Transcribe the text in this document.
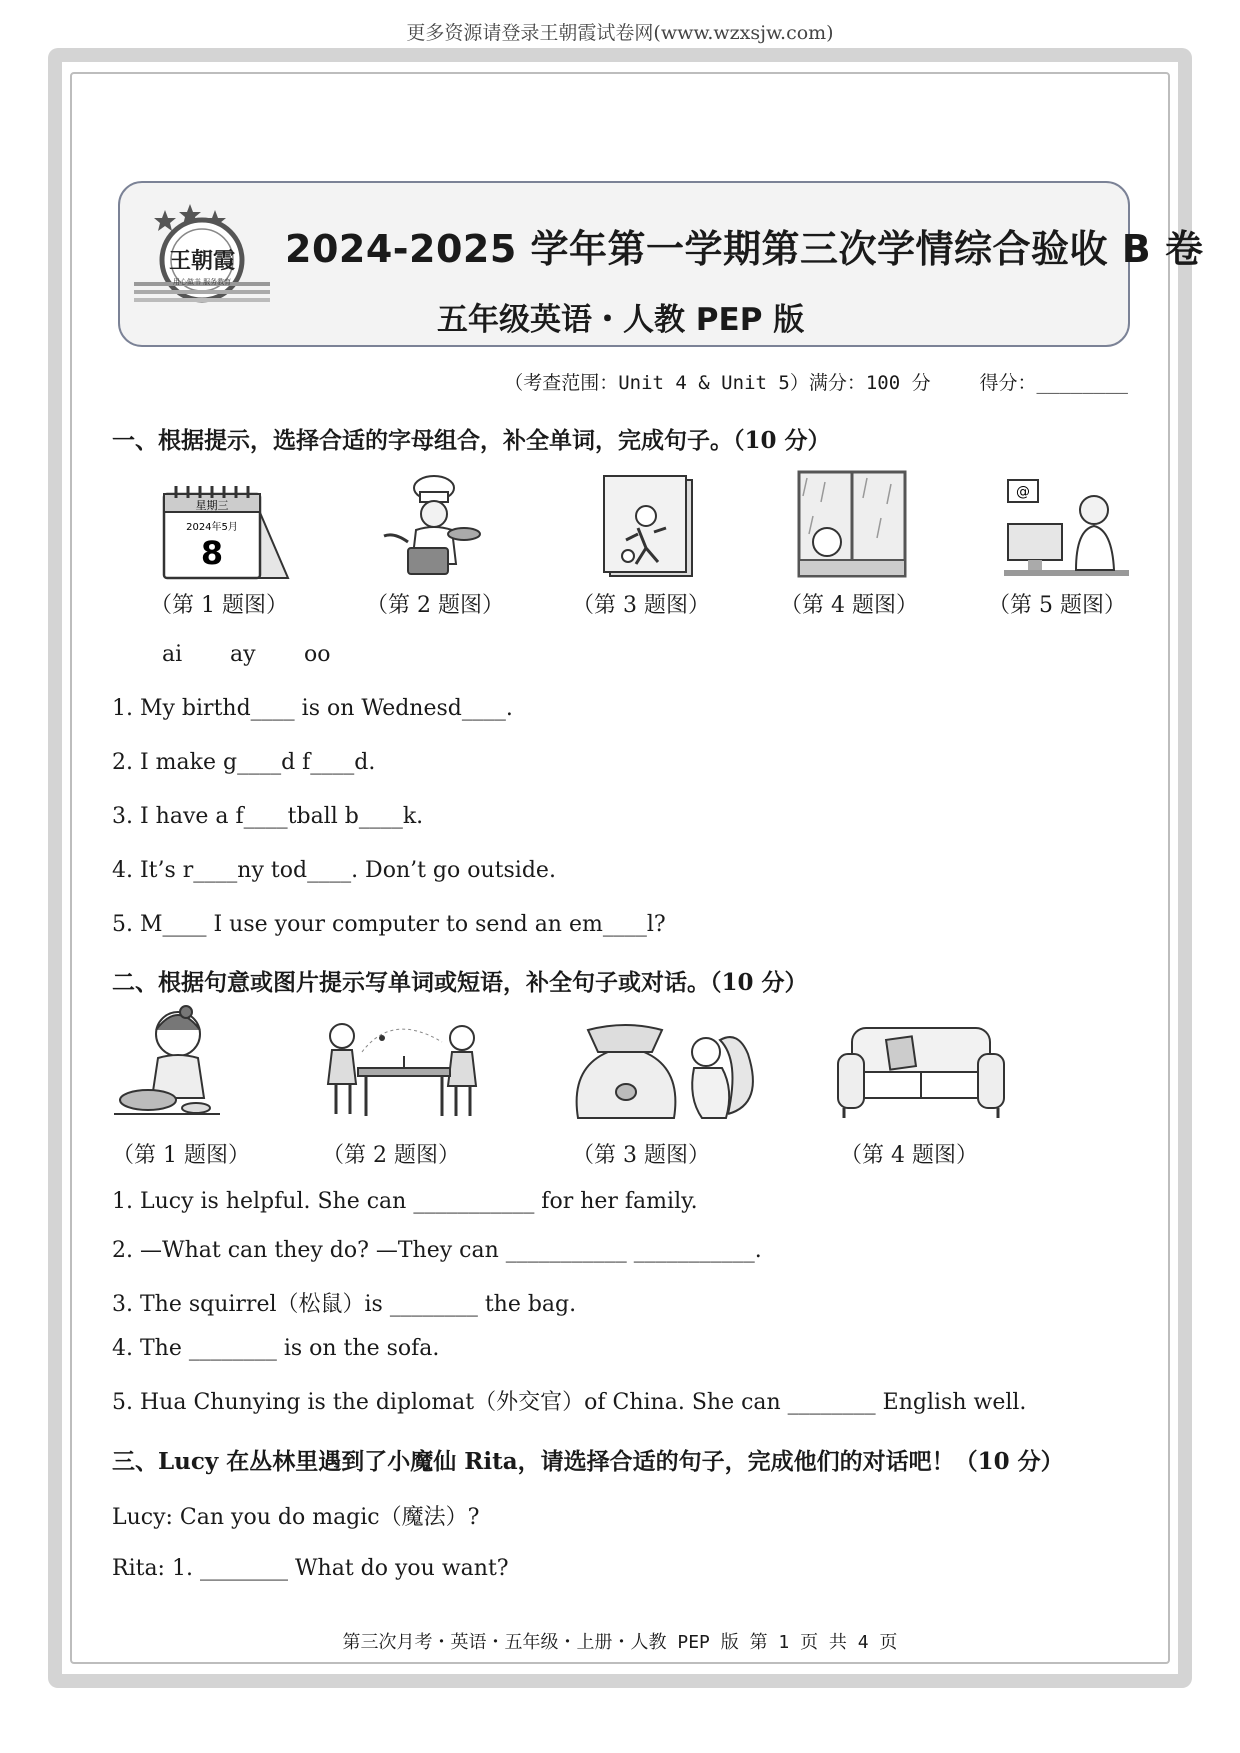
更多资源请登录王朝霞试卷网(www.wzxsjw.com)
王朝霞
用心做书 服务教育
2024-2025 学年第一学期第三次学情综合验收 B 卷
五年级英语・人教 PEP 版
（考查范围：Unit 4 & Unit 5）满分：100 分	得分：________
一、根据提示，选择合适的字母组合，补全单词，完成句子。（10 分）
星期三
2024年5月
8
@
（第 1 题图）	（第 2 题图）	（第 3 题图）	（第 4 题图）	（第 5 题图）
ai ay oo
1. My birthd____ is on Wednesd____.
2. I make g____d f____d.
3. I have a f____tball b____k.
4. It’s r____ny tod____. Don’t go outside.
5. M____ I use your computer to send an em____l?
二、根据句意或图片提示写单词或短语，补全句子或对话。（10 分）
（第 1 题图）	（第 2 题图）	（第 3 题图）	（第 4 题图）
1. Lucy is helpful. She can ___________ for her family.
2. —What can they do? —They can ___________ ___________.
3. The squirrel（松鼠）is ________ the bag.
4. The ________ is on the sofa.
5. Hua Chunying is the diplomat（外交官）of China. She can ________ English well.
三、Lucy 在丛林里遇到了小魔仙 Rita，请选择合适的句子，完成他们的对话吧！（10 分）
Lucy: Can you do magic（魔法）?
Rita: 1. ________ What do you want?
第三次月考・英语・五年级・上册・人教 PEP 版 第 1 页 共 4 页
